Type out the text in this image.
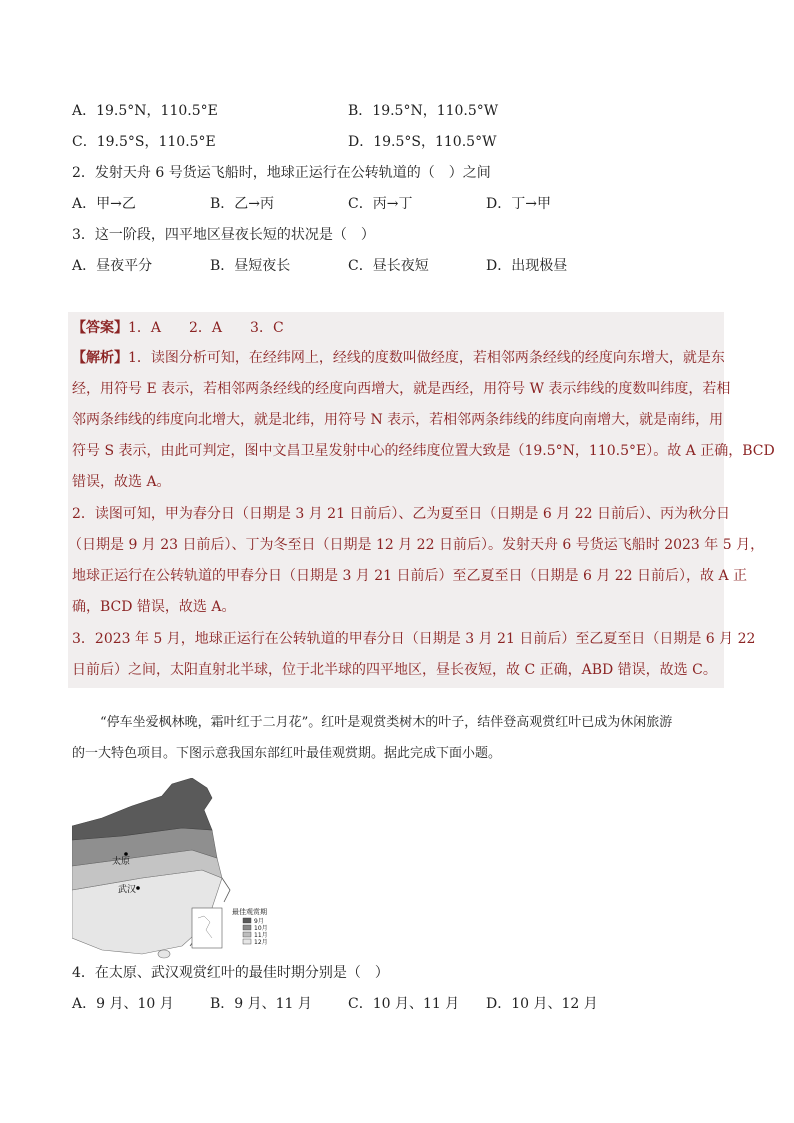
A．19.5°N，110.5°E	B．19.5°N，110.5°W
C．19.5°S，110.5°E	D．19.5°S，110.5°W
2．发射天舟 6 号货运飞船时，地球正运行在公转轨道的（　）之间
A．甲→乙	B．乙→丙	C．丙→丁	D．丁→甲
3．这一阶段，四平地区昼夜长短的状况是（　）
A．昼夜平分	B．昼短夜长	C．昼长夜短	D．出现极昼
【答案】1．A　　2．A　　3．C
【解析】1．读图分析可知，在经纬网上，经线的度数叫做经度，若相邻两条经线的经度向东增大，就是东
经，用符号 E 表示，若相邻两条经线的经度向西增大，就是西经，用符号 W 表示纬线的度数叫纬度，若相
邻两条纬线的纬度向北增大，就是北纬，用符号 N 表示，若相邻两条纬线的纬度向南增大，就是南纬，用
符号 S 表示，由此可判定，图中文昌卫星发射中心的经纬度位置大致是（19.5°N，110.5°E）。故 A 正确，BCD
错误，故选 A。
2．读图可知，甲为春分日（日期是 3 月 21 日前后）、乙为夏至日（日期是 6 月 22 日前后）、丙为秋分日
（日期是 9 月 23 日前后）、丁为冬至日（日期是 12 月 22 日前后）。发射天舟 6 号货运飞船时 2023 年 5 月，
地球正运行在公转轨道的甲春分日（日期是 3 月 21 日前后）至乙夏至日（日期是 6 月 22 日前后），故 A 正
确，BCD 错误，故选 A。
3．2023 年 5 月，地球正运行在公转轨道的甲春分日（日期是 3 月 21 日前后）至乙夏至日（日期是 6 月 22
日前后）之间，太阳直射北半球，位于北半球的四平地区，昼长夜短，故 C 正确，ABD 错误，故选 C。
“停车坐爱枫林晚，霜叶红于二月花”。红叶是观赏类树木的叶子，结伴登高观赏红叶已成为休闲旅游
的一大特色项目。下图示意我国东部红叶最佳观赏期。据此完成下面小题。
太原
武汉
最佳观赏期
9月
10月
11月
12月
4．在太原、武汉观赏红叶的最佳时期分别是（　）
A．9 月、10 月	B．9 月、11 月	C．10 月、11 月 D．10 月、12 月
